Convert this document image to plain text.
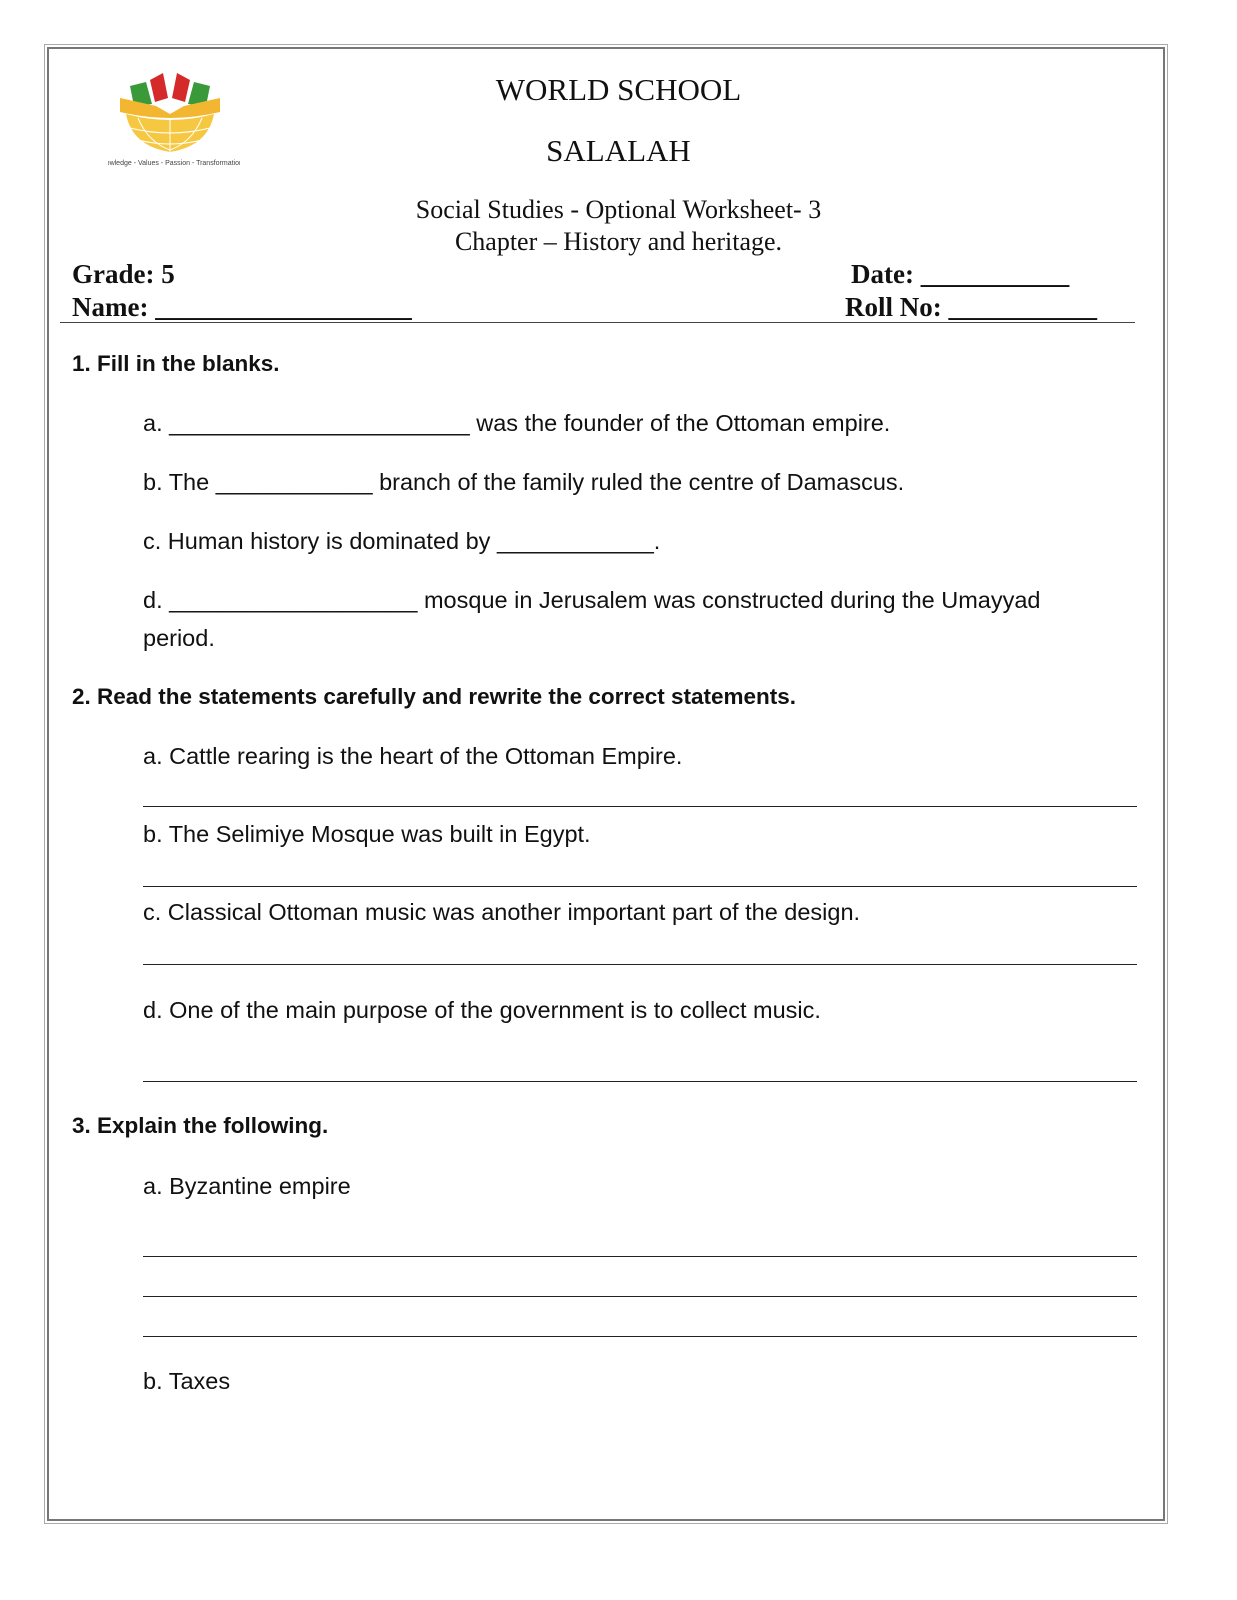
Knowledge - Values - Passion - Transformation
WORLD SCHOOL
SALALAH
Social Studies - Optional Worksheet- 3
Chapter – History and heritage.
Grade: 5	Date: ___________
Name: ___________________	Roll No: ___________
1. Fill in the blanks.
a. _______________________ was the founder of the Ottoman empire.
b. The ____________ branch of the family ruled the centre of Damascus.
c. Human history is dominated by ____________.
d. ___________________ mosque in Jerusalem was constructed during the Umayyad
period.
2. Read the statements carefully and rewrite the correct statements.
a. Cattle rearing is the heart of the Ottoman Empire.
b. The Selimiye Mosque was built in Egypt.
c. Classical Ottoman music was another important part of the design.
d. One of the main purpose of the government is to collect music.
3. Explain the following.
a. Byzantine empire
b. Taxes
